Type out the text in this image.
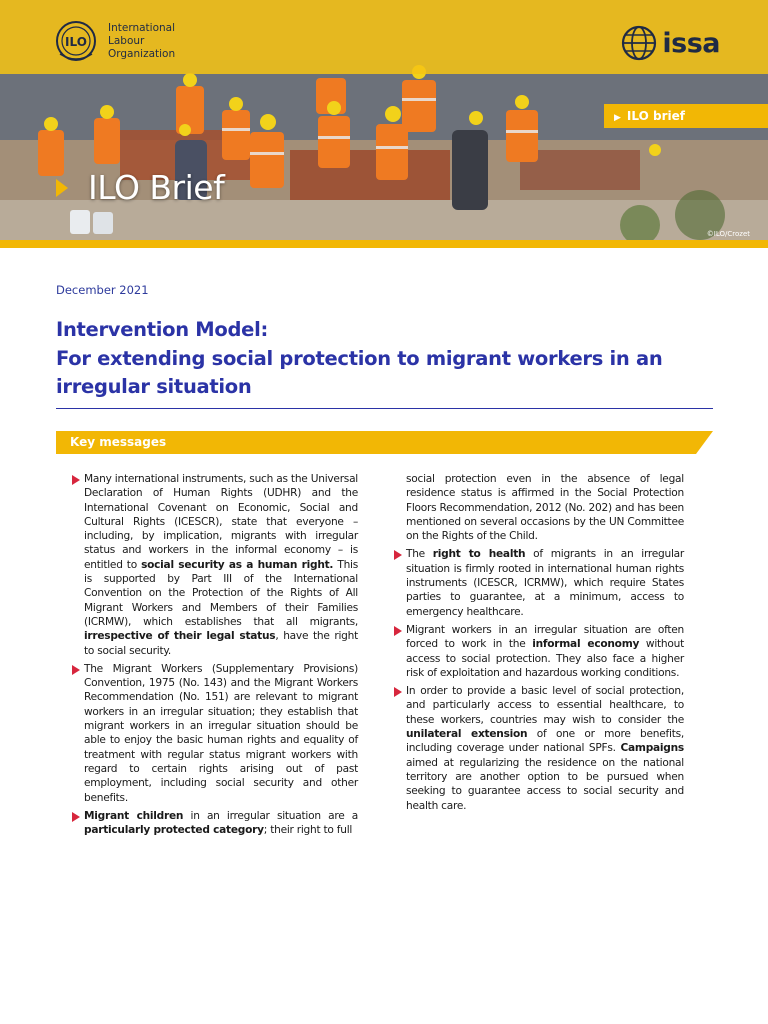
ILO
International
Labour
Organization	issa
▶ ILO brief
ILO Brief
©ILO/Crozet
December 2021
Intervention Model:
For extending social protection to migrant workers in an
irregular situation
Key messages
Many international instruments, such as the Universal Declaration of Human Rights (UDHR) and the International Covenant on Economic, Social and Cultural Rights (ICESCR), state that everyone – including, by implication, migrants with irregular status and workers in the informal economy – is entitled to social security as a human right. This is supported by Part III of the International Convention on the Protection of the Rights of All Migrant Workers and Members of their Families (ICRMW), which establishes that all migrants, irrespective of their legal status, have the right to social security.
The Migrant Workers (Supplementary Provisions) Convention, 1975 (No. 143) and the Migrant Workers Recommendation (No. 151) are relevant to migrant workers in an irregular situation; they establish that migrant workers in an irregular situation should be able to enjoy the basic human rights and equality of treatment with regular status migrant workers with regard to certain rights arising out of past employment, including social security and other benefits.
Migrant children in an irregular situation are a particularly protected category; their right to full
social protection even in the absence of legal residence status is affirmed in the Social Protection Floors Recommendation, 2012 (No. 202) and has been mentioned on several occasions by the UN Committee on the Rights of the Child.
The right to health of migrants in an irregular situation is firmly rooted in international human rights instruments (ICESCR, ICRMW), which require States parties to guarantee, at a minimum, access to emergency healthcare.
Migrant workers in an irregular situation are often forced to work in the informal economy without access to social protection. They also face a higher risk of exploitation and hazardous working conditions.
In order to provide a basic level of social protection, and particularly access to essential healthcare, to these workers, countries may wish to consider the unilateral extension of one or more benefits, including coverage under national SPFs. Campaigns aimed at regularizing the residence on the national territory are another option to be pursued when seeking to guarantee access to social security and health care.
